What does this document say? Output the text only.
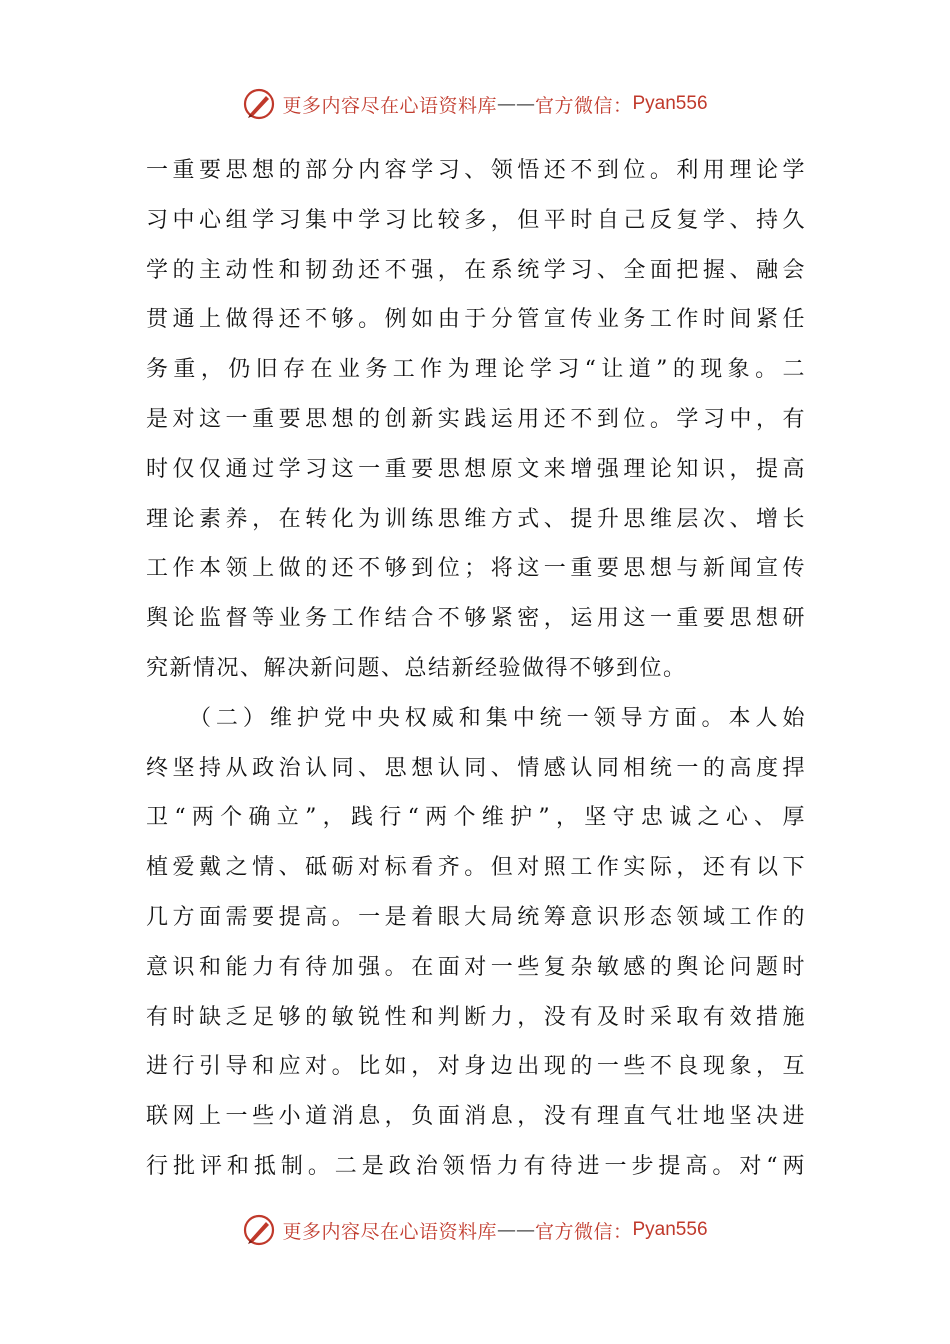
更多内容尽在心语资料库 —— 官方微信： Pyan556
一重要思想的部分内容学习、领悟还不到位。利用理论学
习中心组学习集中学习比较多，但平时自己反复学、持久
学的主动性和韧劲还不强，在系统学习、全面把握、融会
贯通上做得还不够。例如由于分管宣传业务工作时间紧任
务重，仍旧存在业务工作为理论学习“让道”的现象。二
是对这一重要思想的创新实践运用还不到位。学习中，有
时仅仅通过学习这一重要思想原文来增强理论知识，提高
理论素养，在转化为训练思维方式、提升思维层次、增长
工作本领上做的还不够到位；将这一重要思想与新闻宣传
舆论监督等业务工作结合不够紧密，运用这一重要思想研
究新情况、解决新问题、总结新经验做得不够到位。
　　（二）维护党中央权威和集中统一领导方面。本人始
终坚持从政治认同、思想认同、情感认同相统一的高度捍
卫“两个确立”，践行“两个维护”，坚守忠诚之心、厚
植爱戴之情、砥砺对标看齐。但对照工作实际，还有以下
几方面需要提高。一是着眼大局统筹意识形态领域工作的
意识和能力有待加强。在面对一些复杂敏感的舆论问题时
有时缺乏足够的敏锐性和判断力，没有及时采取有效措施
进行引导和应对。比如，对身边出现的一些不良现象，互
联网上一些小道消息，负面消息，没有理直气壮地坚决进
行批评和抵制。二是政治领悟力有待进一步提高。对“两
更多内容尽在心语资料库 —— 官方微信： Pyan556
